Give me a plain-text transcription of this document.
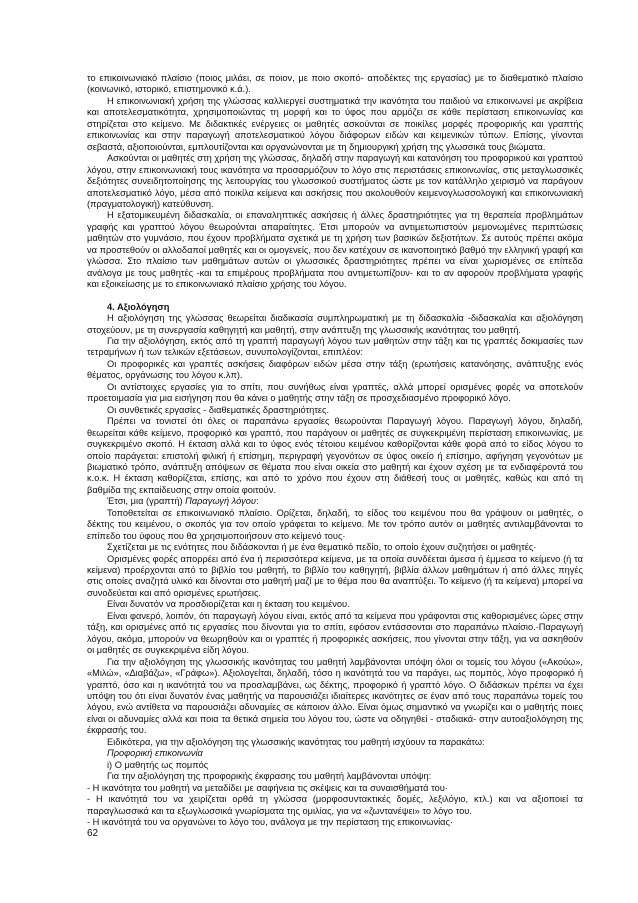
το επικοινωνιακό πλαίσιο (ποιος μιλάει, σε ποιον, με ποιο σκοπό- αποδέκτες της εργασίας) με το διαθεματικό πλαίσιο (κοινωνικό, ιστορικό, επιστημονικό κ.ά.).

Η επικοινωνιακή χρήση της γλώσσας καλλιεργεί συστηματικά την ικανότητα του παιδιού να επικοινωνεί με ακρίβεια και αποτελεσματικότητα, χρησιμοποιώντας τη μορφή και το ύφος που αρμόζει σε κάθε περίσταση επικοινωνίας και στηρίζεται στο κείμενο. Με διδακτικές ενέργειες οι μαθητές ασκούνται σε ποικίλες μορφές προφορικής και γραπτής επικοινωνίας και στην παραγωγή αποτελεσματικού λόγου διάφορων ειδών και κειμενικών τύπων. Επίσης, γίνονται σεβαστά, αξιοποιούνται, εμπλουτίζονται και οργανώνονται με τη δημιουργική χρήση της γλωσσικά τους βιώματα.

Ασκούνται οι μαθητές στη χρήση της γλώσσας, δηλαδή στην παραγωγή και κατανόηση του προφορικού και γραπτού λόγου, στην επικοινωνιακή τους ικανότητα να προσαρμόζουν το λόγο στις περιστάσεις επικοινωνίας, στις μεταγλωσσικές δεξιότητες συνειδητοποίησης της λειτουργίας του γλωσσικού συστήματος ώστε με τον κατάλληλο χειρισμό να παράγουν αποτελεσματικό λόγο, μέσα από ποικίλα κείμενα και ασκήσεις που ακολουθούν κειμενογλωσσολογική και επικοινωνιακή (πραγματολογική) κατεύθυνση.

Η εξατομικευμένη διδασκαλία, οι επαναληπτικές ασκήσεις ή άλλες δραστηριότητες για τη θεραπεία προβλημάτων γραφής και γραπτού λόγου θεωρούνται απαραίτητες. Έτσι μπορούν να αντιμετωπιστούν μεμονωμένες περιπτώσεις μαθητών στο γυμνάσιο, που έχουν προβλήματα σχετικά με τη χρήση των βασικών δεξιοτήτων. Σε αυτούς πρέπει ακόμα να προστεθούν οι αλλοδαποί μαθητές και οι ομογενείς, που δεν κατέχουν σε ικανοποιητικό βαθμό την ελληνική γραφή και γλώσσα. Στο πλαίσιο των μαθημάτων αυτών οι γλωσσικές δραστηριότητες πρέπει να είναι χωρισμένες σε επίπεδα ανάλογα με τους μαθητές -και τα επιμέρους προβλήματα που αντιμετωπίζουν- και το αν αφορούν προβλήματα γραφής και εξοικείωσης με το επικοινωνιακό πλαίσιο χρήσης του λόγου.

4. Αξιολόγηση

Η αξιολόγηση της γλώσσας θεωρείται διαδικασία συμπληρωματική με τη διδασκαλία -διδασκαλία και αξιολόγηση στοχεύουν, με τη συνεργασία καθηγητή και μαθητή, στην ανάπτυξη της γλωσσικής ικανότητας του μαθητή.

Για την αξιολόγηση, εκτός από τη γραπτή παραγωγή λόγου των μαθητών στην τάξη και τις γραπτές δοκιμασίες των τετραμήνων ή των τελικών εξετάσεων, συνυπολογίζονται, επιπλέον:

Οι προφορικές και γραπτές ασκήσεις διαφόρων ειδών μέσα στην τάξη (ερωτήσεις κατανόησης, ανάπτυξης ενός θέματος, οργάνωσης του λόγου κ.λπ).

Οι αντίστοιχες εργασίες για το σπίτι, που συνήθως είναι γραπτές, αλλά μπορεί ορισμένες φορές να αποτελούν προετοιμασία για μια εισήγηση που θα κάνει ο μαθητής στην τάξη σε προσχεδιασμένο προφορικό λόγο.

Οι συνθετικές εργασίες - διαθεματικές δραστηριότητες.

Πρέπει να τονιστεί ότι όλες οι παραπάνω εργασίες θεωρούνται Παραγωγή λόγου. Παραγωγή λόγου, δηλαδή, θεωρείται κάθε κείμενο, προφορικό και γραπτό, που παράγουν οι μαθητές σε συγκεκριμένη περίσταση επικοινωνίας, με συγκεκριμένο σκοπό. Η έκταση αλλά και το ύφος ενός τέτοιου κειμένου καθορίζονται κάθε φορά από το είδος λόγου το οποίο παράγεται: επιστολή φιλική ή επίσημη, περιγραφή γεγονότων σε ύφος οικείο ή επίσημο, αφήγηση γεγονότων με βιωματικό τρόπο, ανάπτυξη απόψεων σε θέματα που είναι οικεία στο μαθητή και έχουν σχέση με τα ενδιαφέροντά του κ.ο.κ. Η έκταση καθορίζεται, επίσης, και από το χρόνο που έχουν στη διάθεσή τους οι μαθητές, καθώς και από τη βαθμίδα της εκπαίδευσης στην οποία φοιτούν.

Έτσι, μια (γραπτή) Παραγωγή λόγου:

Τοποθετείται σε επικοινωνιακό πλαίσιο. Ορίζεται, δηλαδή, το είδος του κειμένου που θα γράψουν οι μαθητές, ο δέκτης του κειμένου, ο σκοπός για τον οποίο γράφεται το κείμενο. Με τον τρόπο αυτόν οι μαθητές αντιλαμβάνονται το επίπεδο του ύφους που θα χρησιμοποιήσουν στο κείμενό τους·

Σχετίζεται με τις ενότητες που διδάσκονται ή με ένα θεματικό πεδίο, το οποίο έχουν συζητήσει οι μαθητές·

Ορισμένες φορές απορρέει από ένα ή περισσότερα κείμενα, με τα οποία συνδέεται άμεσα ή έμμεσα το κείμενο (ή τα κείμενα) προέρχονται από το βιβλίο του μαθητή, το βιβλίο του καθηγητή, βιβλία άλλων μαθημάτων ή από άλλες πηγές στις οποίες αναζητά υλικό και δίνονται στο μαθητή μαζί με το θέμα που θα αναπτύξει. Το κείμενο (ή τα κείμενα) μπορεί να συνοδεύεται και από ορισμένες ερωτήσεις.

Είναι δυνατόν να προσδιορίζεται και η έκταση του κειμένου.

Είναι φανερό, λοιπόν, ότι παραγωγή λόγου είναι, εκτός από τα κείμενα που γράφονται στις καθορισμένες ώρες στην τάξη, και ορισμένες από τις εργασίες που δίνονται για το σπίτι, εφόσον εντάσσονται στο παραπάνω πλαίσιο.·Παραγωγή λόγου, ακόμα, μπορούν να θεωρηθούν και οι γραπτές ή προφορικές ασκήσεις, που γίνονται στην τάξη, για να ασκηθούν οι μαθητές σε συγκεκριμένα είδη λόγου.

Για την αξιολόγηση της γλωσσικής ικανότητας του μαθητή λαμβάνονται υπόψη όλοι οι τομείς του λόγου («Ακούω», «Μιλώ», «Διαβάζω», «Γράφω»). Αξιολογείται, δηλαδή, τόσο η ικανότητά του να παράγει, ως πομπός, λόγο προφορικό ή γραπτό, όσο και η ικανότητά του να προσλαμβάνει, ως δέκτης, προφορικό ή γραπτό λόγο. Ο διδάσκων πρέπει να έχει υπόψη του ότι είναι δυνατόν ένας μαθητής να παρουσιάζει ιδιαίτερες ικανότητες σε έναν από τους παραπάνω τομείς του λόγου, ενώ αντίθετα να παρουσιάζει αδυναμίες σε κάποιον άλλο. Είναι όμως σημαντικό να γνωρίζει και ο μαθητής ποιες είναι οι αδυναμίες αλλά και ποια τα θετικά σημεία του λόγου του, ώστε να οδηγηθεί - σταδιακά- στην αυτοαξιολόγηση της έκφρασής του.

Ειδικότερα, για την αξιολόγηση της γλωσσικής ικανότητας του μαθητή ισχύουν τα παρακάτω:

Προφορική επικοινωνία

i) Ο μαθητής ως πομπός

Για την αξιολόγηση της προφορικής έκφρασης του μαθητή λαμβάνονται υπόψη:

- Η ικανότητα του μαθητή να μεταδίδει με σαφήνεια τις σκέψεις και τα συναισθήματά του·

- Η ικανότητά του να χειρίζεται ορθά τη γλώσσα (μορφοσυντακτικές δομές, λεξιλόγιο, κτλ.) και να αξιοποιεί τα παραγλωσσικά και τα εξωγλωσσικά γνωρίσματα της ομιλίας, για να «ζωντανέψει» το λόγο του.

- Η ικανότητά του να οργανώνει το λόγο του, ανάλογα με την περίσταση της επικοινωνίας·

62
